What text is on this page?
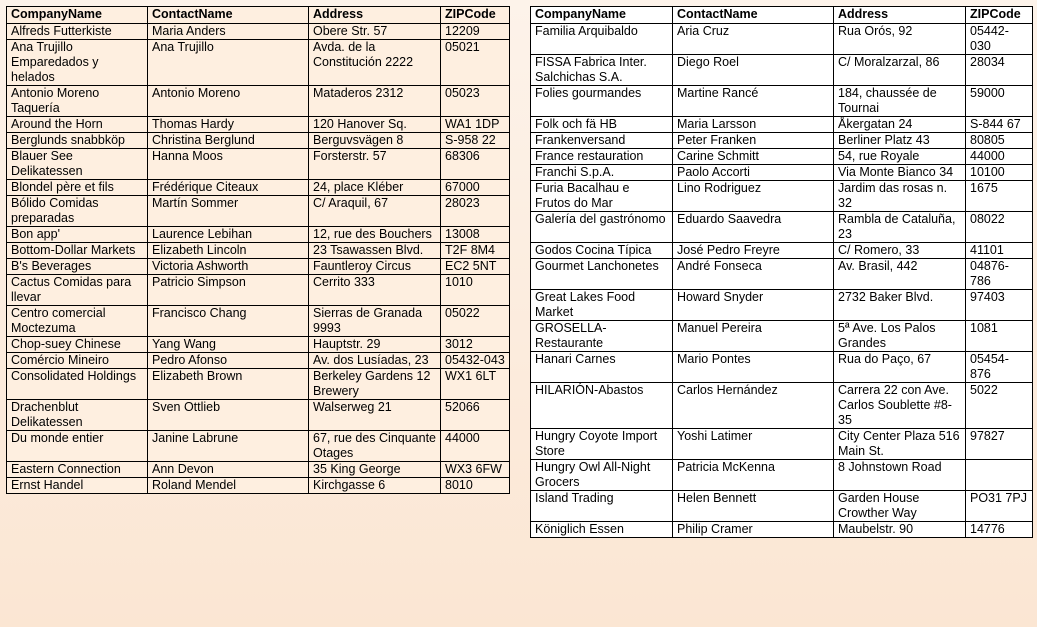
CompanyName	ContactName	Address	ZIPCode
Alfreds Futterkiste	Maria Anders	Obere Str. 57	12209
Ana Trujillo Emparedados y helados	Ana Trujillo	Avda. de la Constitución 2222	05021
Antonio Moreno Taquería	Antonio Moreno	Mataderos 2312	05023
Around the Horn	Thomas Hardy	120 Hanover Sq.	WA1 1DP
Berglunds snabbköp	Christina Berglund	Berguvsvägen 8	S-958 22
Blauer See Delikatessen	Hanna Moos	Forsterstr. 57	68306
Blondel père et fils	Frédérique Citeaux	24, place Kléber	67000
Bólido Comidas preparadas	Martín Sommer	C/ Araquil, 67	28023
Bon app'	Laurence Lebihan	12, rue des Bouchers	13008
Bottom-Dollar Markets	Elizabeth Lincoln	23 Tsawassen Blvd.	T2F 8M4
B's Beverages	Victoria Ashworth	Fauntleroy Circus	EC2 5NT
Cactus Comidas para llevar	Patricio Simpson	Cerrito 333	1010
Centro comercial Moctezuma	Francisco Chang	Sierras de Granada 9993	05022
Chop-suey Chinese	Yang Wang	Hauptstr. 29	3012
Comércio Mineiro	Pedro Afonso	Av. dos Lusíadas, 23	05432-043
Consolidated Holdings	Elizabeth Brown	Berkeley Gardens 12 Brewery	WX1 6LT
Drachenblut Delikatessen	Sven Ottlieb	Walserweg 21	52066
Du monde entier	Janine Labrune	67, rue des Cinquante Otages	44000
Eastern Connection	Ann Devon	35 King George	WX3 6FW
Ernst Handel	Roland Mendel	Kirchgasse 6	8010
CompanyName	ContactName	Address	ZIPCode
Familia Arquibaldo	Aria Cruz	Rua Orós, 92	05442-030
FISSA Fabrica Inter. Salchichas S.A.	Diego Roel	C/ Moralzarzal, 86	28034
Folies gourmandes	Martine Rancé	184, chaussée de Tournai	59000
Folk och fä HB	Maria Larsson	Åkergatan 24	S-844 67
Frankenversand	Peter Franken	Berliner Platz 43	80805
France restauration	Carine Schmitt	54, rue Royale	44000
Franchi S.p.A.	Paolo Accorti	Via Monte Bianco 34	10100
Furia Bacalhau e Frutos do Mar	Lino Rodriguez	Jardim das rosas n. 32	1675
Galería del gastrónomo	Eduardo Saavedra	Rambla de Cataluña, 23	08022
Godos Cocina Típica	José Pedro Freyre	C/ Romero, 33	41101
Gourmet Lanchonetes	André Fonseca	Av. Brasil, 442	04876-786
Great Lakes Food Market	Howard Snyder	2732 Baker Blvd.	97403
GROSELLA-Restaurante	Manuel Pereira	5ª Ave. Los Palos Grandes	1081
Hanari Carnes	Mario Pontes	Rua do Paço, 67	05454-876
HILARIÓN-Abastos	Carlos Hernández	Carrera 22 con Ave. Carlos Soublette #8-35	5022
Hungry Coyote Import Store	Yoshi Latimer	City Center Plaza 516 Main St.	97827
Hungry Owl All-Night Grocers	Patricia McKenna	8 Johnstown Road	
Island Trading	Helen Bennett	Garden House Crowther Way	PO31 7PJ
Königlich Essen	Philip Cramer	Maubelstr. 90	14776
